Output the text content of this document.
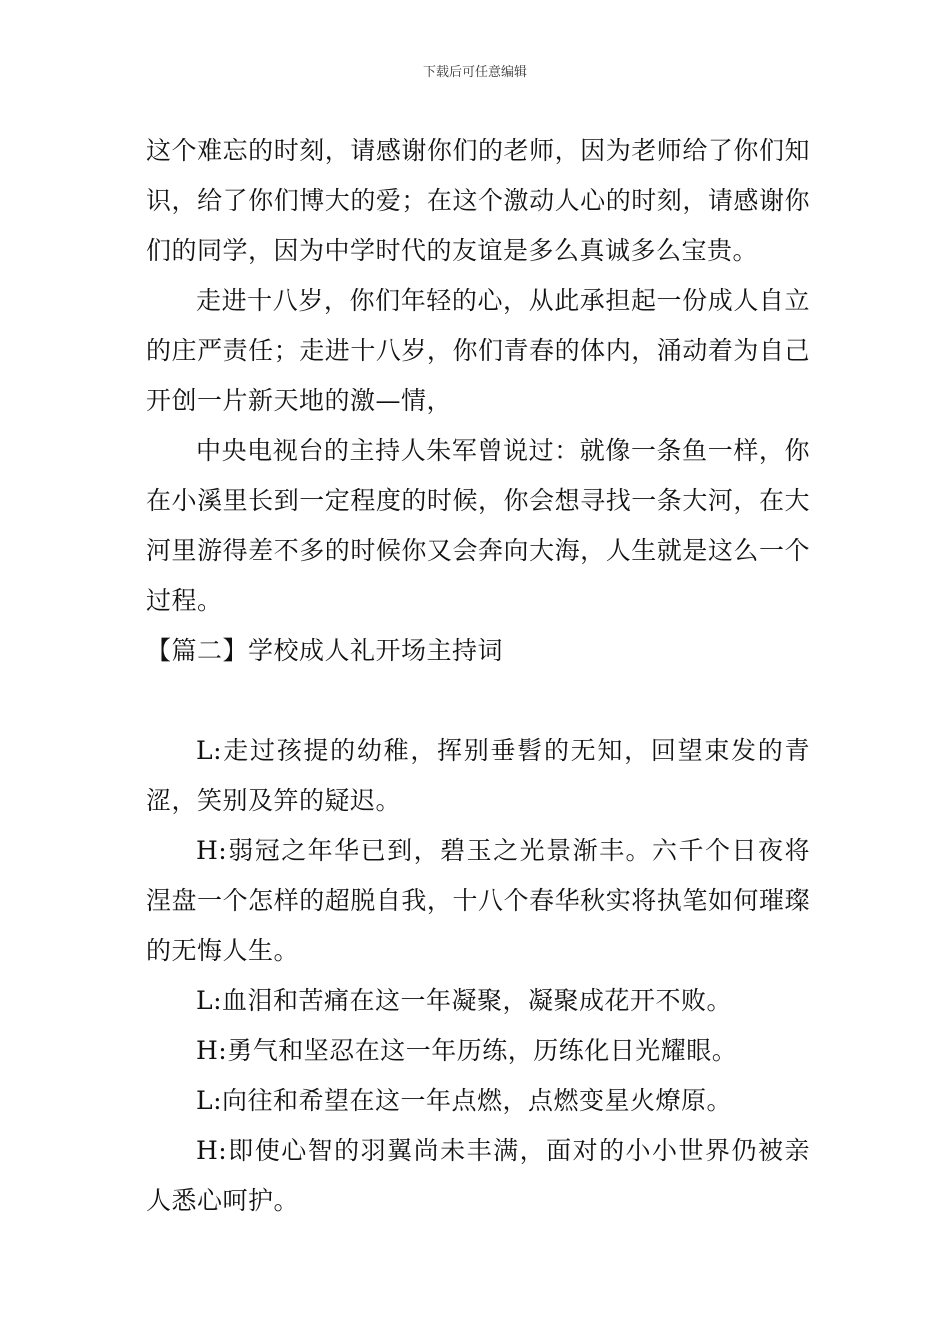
下载后可任意编辑

这个难忘的时刻，请感谢你们的老师，因为老师给了你们知识，给了你们博大的爱；在这个激动人心的时刻，请感谢你们的同学，因为中学时代的友谊是多么真诚多么宝贵。

走进十八岁，你们年轻的心，从此承担起一份成人自立的庄严责任；走进十八岁，你们青春的体内，涌动着为自己开创一片新天地的激—情，

中央电视台的主持人朱军曾说过：就像一条鱼一样，你在小溪里长到一定程度的时候，你会想寻找一条大河，在大河里游得差不多的时候你又会奔向大海，人生就是这么一个过程。

【篇二】学校成人礼开场主持词

L:走过孩提的幼稚，挥别垂髫的无知，回望束发的青涩，笑别及笄的疑迟。

H:弱冠之年华已到，碧玉之光景渐丰。六千个日夜将涅盘一个怎样的超脱自我，十八个春华秋实将执笔如何璀璨的无悔人生。

L:血泪和苦痛在这一年凝聚，凝聚成花开不败。

H:勇气和坚忍在这一年历练，历练化日光耀眼。

L:向往和希望在这一年点燃，点燃变星火燎原。

H:即使心智的羽翼尚未丰满，面对的小小世界仍被亲人悉心呵护。
